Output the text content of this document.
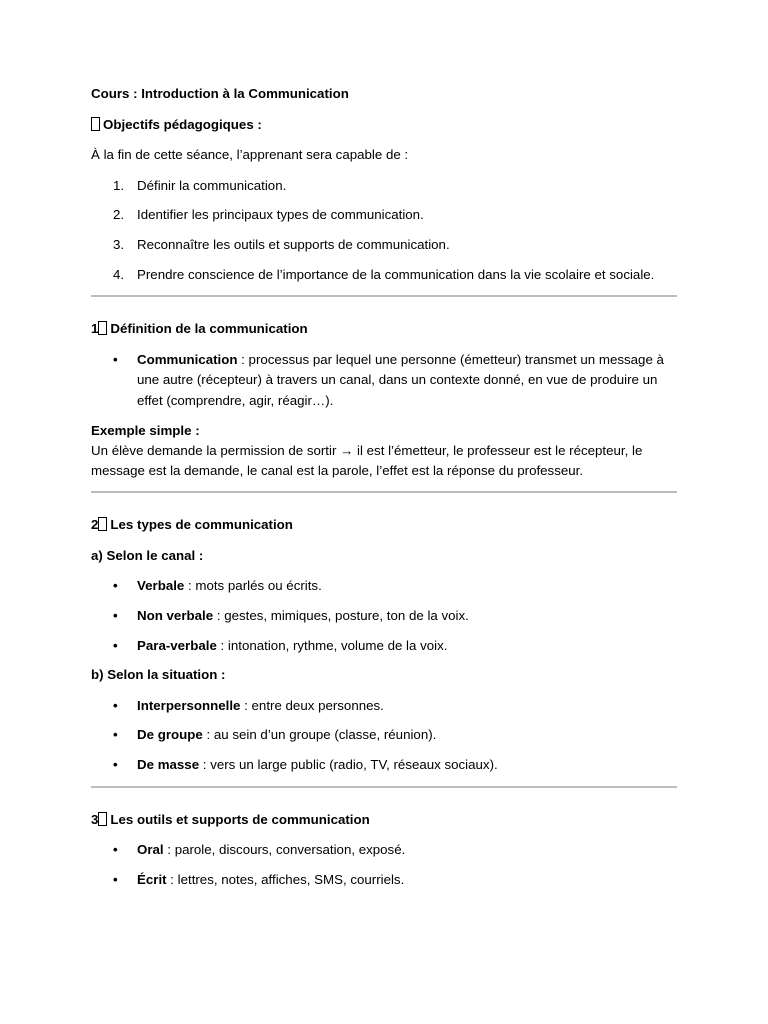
Cours : Introduction à la Communication
Objectifs pédagogiques :
À la fin de cette séance, l’apprenant sera capable de :
1. Définir la communication.
2. Identifier les principaux types de communication.
3. Reconnaître les outils et supports de communication.
4. Prendre conscience de l’importance de la communication dans la vie scolaire et sociale.
1 Définition de la communication
• Communication : processus par lequel une personne (émetteur) transmet un message à une autre (récepteur) à travers un canal, dans un contexte donné, en vue de produire un effet (comprendre, agir, réagir…).
Exemple simple :
Un élève demande la permission de sortir → il est l’émetteur, le professeur est le récepteur, le message est la demande, le canal est la parole, l’effet est la réponse du professeur.
2 Les types de communication
a) Selon le canal :
• Verbale : mots parlés ou écrits.
• Non verbale : gestes, mimiques, posture, ton de la voix.
• Para-verbale : intonation, rythme, volume de la voix.
b) Selon la situation :
• Interpersonnelle : entre deux personnes.
• De groupe : au sein d’un groupe (classe, réunion).
• De masse : vers un large public (radio, TV, réseaux sociaux).
3 Les outils et supports de communication
• Oral : parole, discours, conversation, exposé.
• Écrit : lettres, notes, affiches, SMS, courriels.
